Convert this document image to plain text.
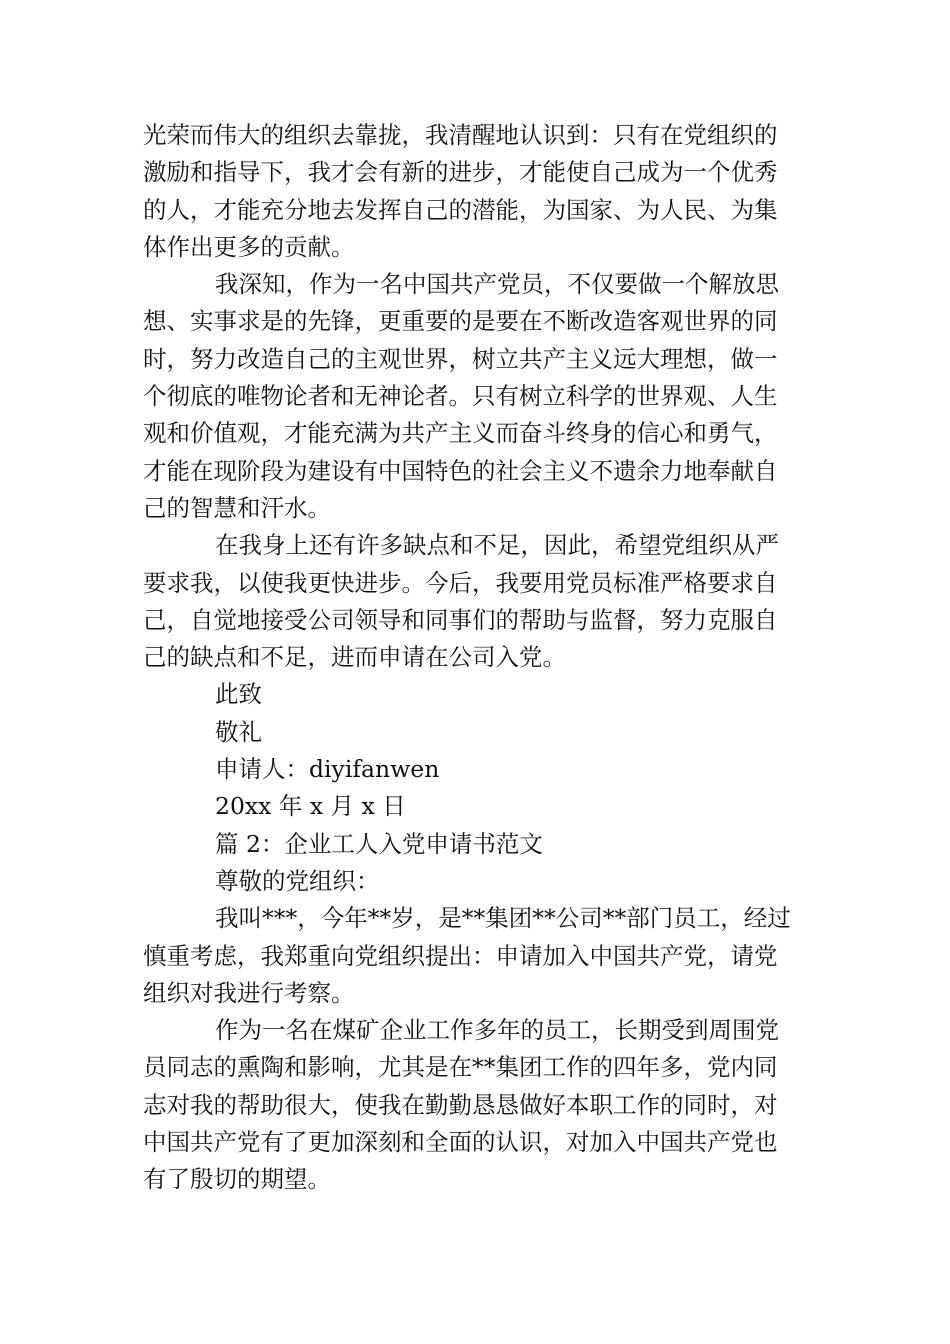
光荣而伟大的组织去靠拢，我清醒地认识到：只有在党组织的
激励和指导下，我才会有新的进步，才能使自己成为一个优秀
的人，才能充分地去发挥自己的潜能，为国家、为人民、为集
体作出更多的贡献。
我深知，作为一名中国共产党员，不仅要做一个解放思
想、实事求是的先锋，更重要的是要在不断改造客观世界的同
时，努力改造自己的主观世界，树立共产主义远大理想，做一
个彻底的唯物论者和无神论者。只有树立科学的世界观、人生
观和价值观，才能充满为共产主义而奋斗终身的信心和勇气，
才能在现阶段为建设有中国特色的社会主义不遗余力地奉献自
己的智慧和汗水。
在我身上还有许多缺点和不足，因此，希望党组织从严
要求我，以使我更快进步。今后，我要用党员标准严格要求自
己，自觉地接受公司领导和同事们的帮助与监督，努力克服自
己的缺点和不足，进而申请在公司入党。
此致
敬礼
申请人：diyifanwen
20xx 年 x 月 x 日
篇 2：企业工人入党申请书范文
尊敬的党组织：
我叫***，今年**岁，是**集团**公司**部门员工，经过
慎重考虑，我郑重向党组织提出：申请加入中国共产党，请党
组织对我进行考察。
作为一名在煤矿企业工作多年的员工，长期受到周围党
员同志的熏陶和影响，尤其是在**集团工作的四年多，党内同
志对我的帮助很大，使我在勤勤恳恳做好本职工作的同时，对
中国共产党有了更加深刻和全面的认识，对加入中国共产党也
有了殷切的期望。
